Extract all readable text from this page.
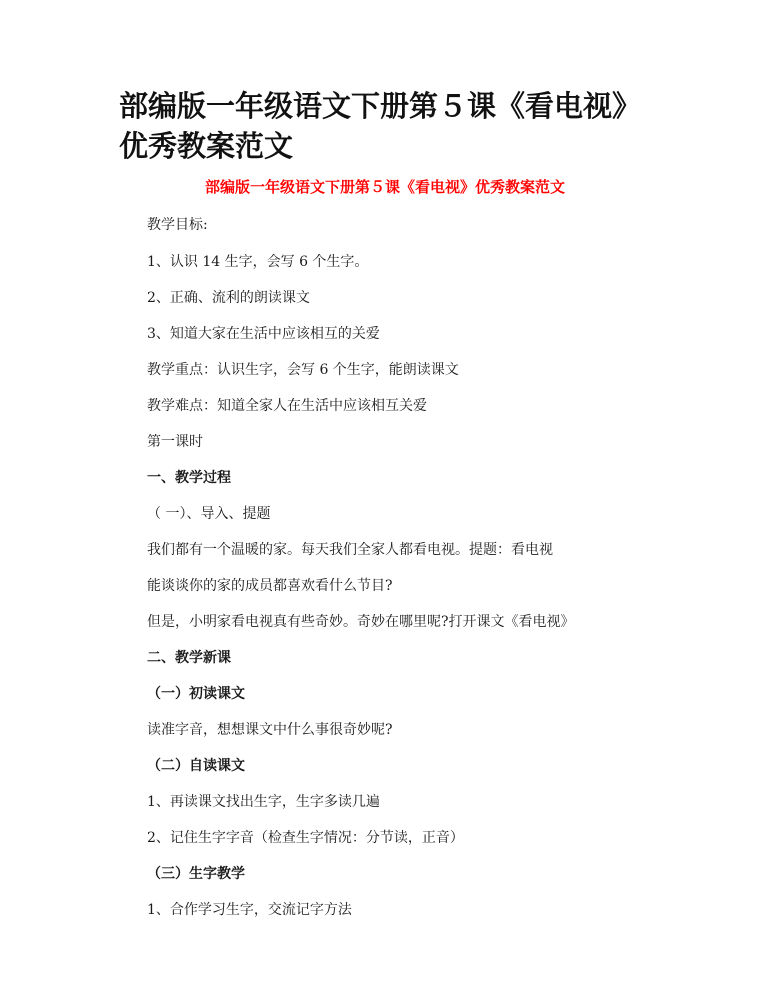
部编版一年级语文下册第５课《看电视》优秀教案范文

部编版一年级语文下册第５课《看电视》优秀教案范文

教学目标:

1、认识 14 生字，会写 6 个生字。

2、正确、流利的朗读课文

3、知道大家在生活中应该相互的关爱

教学重点：认识生字，会写 6 个生字，能朗读课文

教学难点：知道全家人在生活中应该相互关爱

第一课时

一、教学过程

（ 一）、导入、提题

我们都有一个温暖的家。每天我们全家人都看电视。提题：看电视

能谈谈你的家的成员都喜欢看什么节目?

但是，小明家看电视真有些奇妙。奇妙在哪里呢?打开课文《看电视》

二、教学新课

（一）初读课文

读准字音，想想课文中什么事很奇妙呢?

（二）自读课文

1、再读课文找出生字，生字多读几遍

2、记住生字字音（检查生字情况：分节读，正音）

（三）生字教学

1、合作学习生字，交流记字方法
